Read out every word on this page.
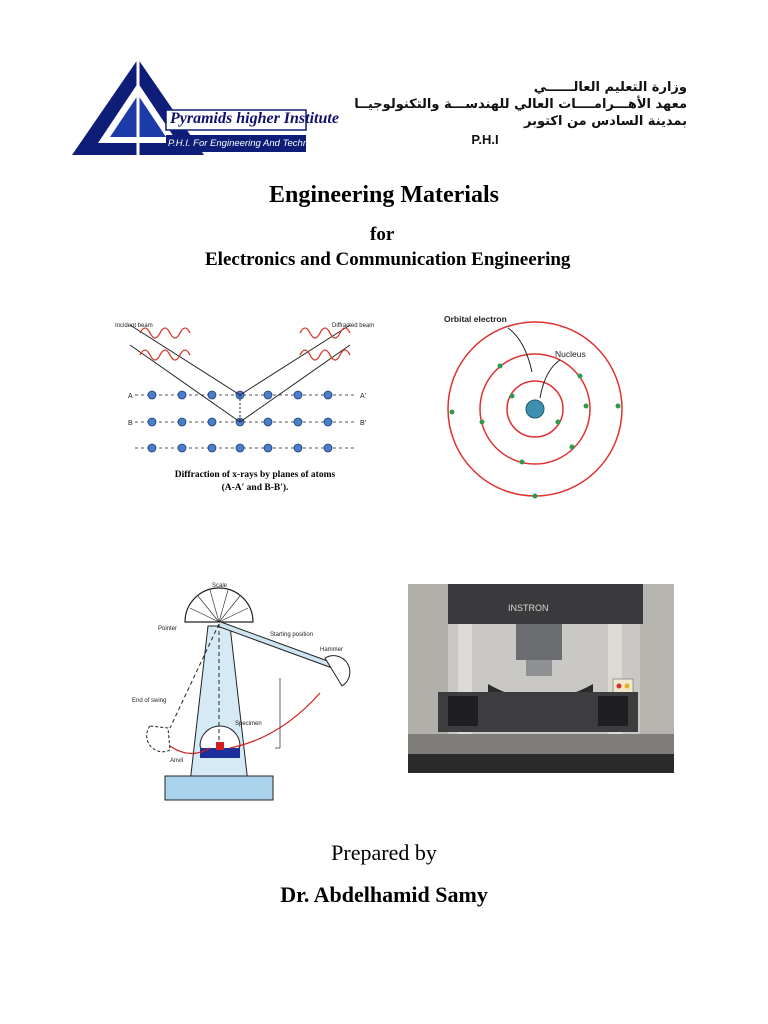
Pyramids higher Institute
P.H.I. For Engineering And Technology
وزارة التعليم العالــــــي
معهد الأهـــرامــــات العالي للهندســـة والتكنولوجيــا
بمدينة السادس من اكتوبر
P.H.I
Engineering Materials
for
Electronics and Communication Engineering
Incident beam	Diffracted beam
A	A′
B	B′
Diffraction of x-rays by planes of atoms
(A-A′ and B-B′).
Orbital electron
Nucleus
Scale
Pointer
Starting position
Hammer
End of swing
Specimen
Anvil
INSTRON
Prepared by
Dr. Abdelhamid Samy
